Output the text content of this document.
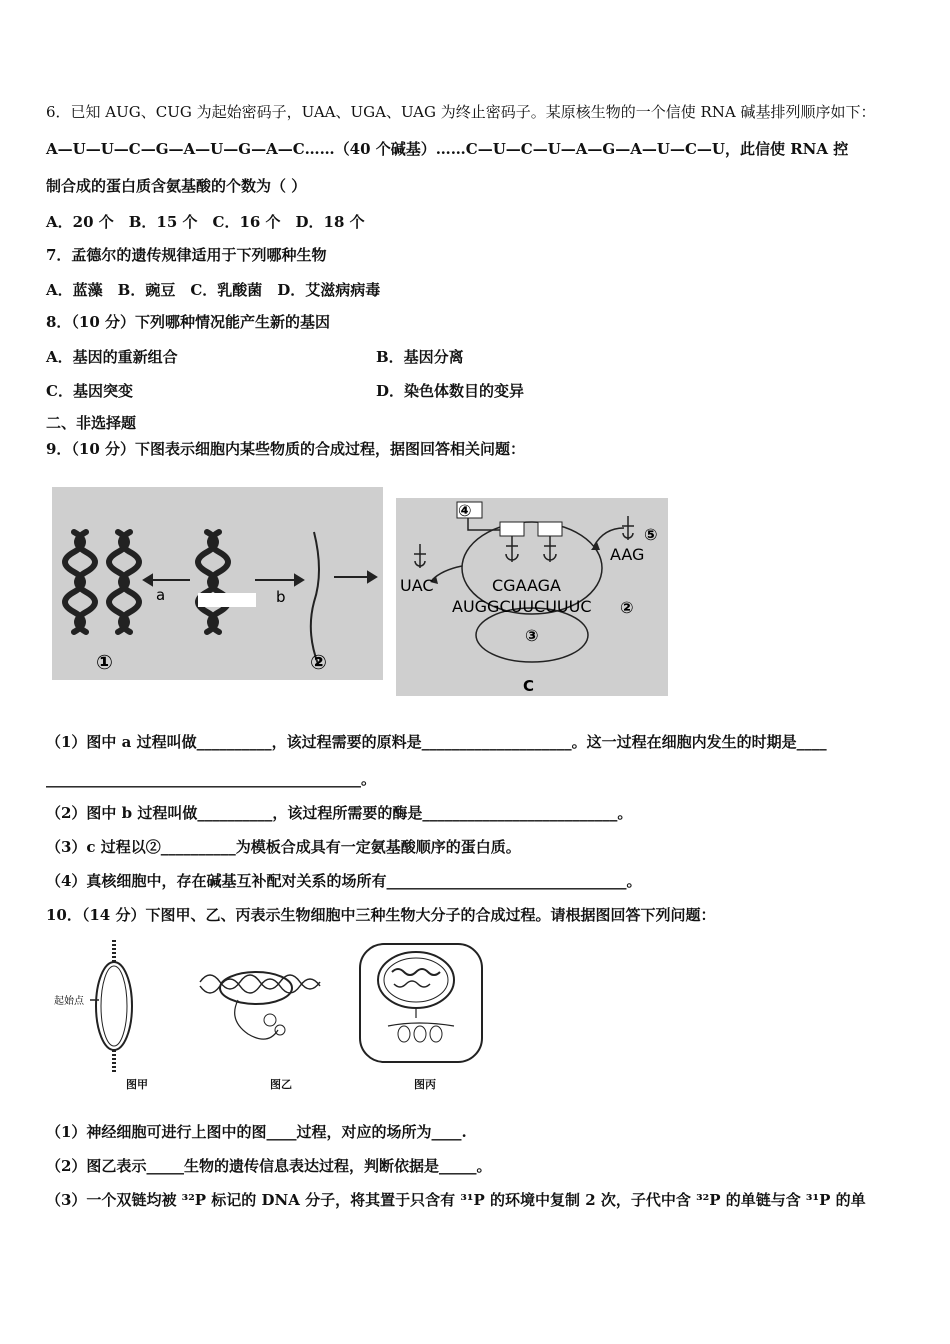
6．已知 AUG、CUG 为起始密码子，UAA、UGA、UAG 为终止密码子。某原核生物的一个信使 RNA 碱基排列顺序如下：
A—U—U—C—G—A—U—G—A—C……（40 个碱基）……C—U—C—U—A—G—A—U—C—U，此信使 RNA 控
制合成的蛋白质含氨基酸的个数为（ ）
A．20 个　B．15 个　C．16 个　D．18 个
7．孟德尔的遗传规律适用于下列哪种生物
A．蓝藻　B．豌豆　C．乳酸菌　D．艾滋病病毒
8．（10 分）下列哪种情况能产生新的基因
A．基因的重新组合	B．基因分离
C．基因突变	D．染色体数目的变异
二、非选择题
9．（10 分）下图表示细胞内某些物质的合成过程，据图回答相关问题：
a	b
①	②
④
⑤
AAG
UAC	CGAAGA
AUGGCUUCUUUC ②
③
C
（1）图中 a 过程叫做__________，该过程需要的原料是____________________。这一过程在细胞内发生的时期是____
__________________________________________。
（2）图中 b 过程叫做__________，该过程所需要的酶是__________________________。
（3）c 过程以②__________为模板合成具有一定氨基酸顺序的蛋白质。
（4）真核细胞中，存在碱基互补配对关系的场所有________________________________。
10．（14 分）下图甲、乙、丙表示生物细胞中三种生物大分子的合成过程。请根据图回答下列问题：
起始点
图甲	图乙	图丙
（1）神经细胞可进行上图中的图____过程，对应的场所为____.
（2）图乙表示_____生物的遗传信息表达过程，判断依据是_____。
（3）一个双链均被 ³²P 标记的 DNA 分子，将其置于只含有 ³¹P 的环境中复制 2 次，子代中含 ³²P 的单链与含 ³¹P 的单
